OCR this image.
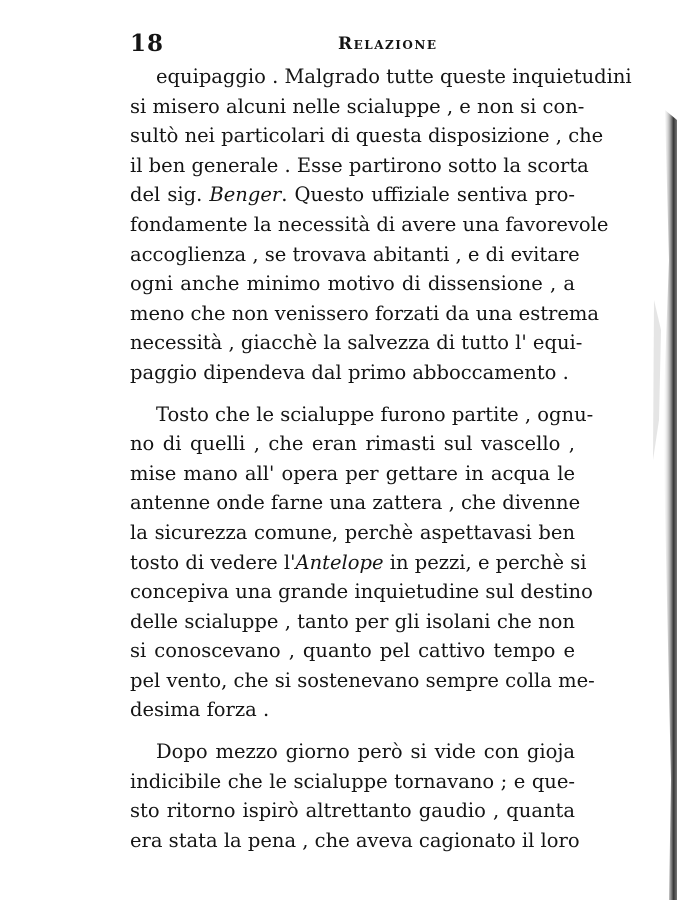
18	Relazione
equipaggio . Malgrado tutte queste inquietudini
si misero alcuni nelle scialuppe , e non si con-
sultò nei particolari di questa disposizione , che
il ben generale . Esse partirono sotto la scorta
del sig. Benger. Questo uffiziale sentiva pro-
fondamente la necessità di avere una favorevole
accoglienza , se trovava abitanti , e di evitare
ogni anche minimo motivo di dissensione , a
meno che non venissero forzati da una estrema
necessità , giacchè la salvezza di tutto l' equi-
paggio dipendeva dal primo abboccamento .
Tosto che le scialuppe furono partite , ognu-
no di quelli , che eran rimasti sul vascello ,
mise mano all' opera per gettare in acqua le
antenne onde farne una zattera , che divenne
la sicurezza comune, perchè aspettavasi ben
tosto di vedere l'Antelope in pezzi, e perchè si
concepiva una grande inquietudine sul destino
delle scialuppe , tanto per gli isolani che non
si conoscevano , quanto pel cattivo tempo e
pel vento, che si sostenevano sempre colla me-
desima forza .
Dopo mezzo giorno però si vide con gioja
indicibile che le scialuppe tornavano ; e que-
sto ritorno ispirò altrettanto gaudio , quanta
era stata la pena , che aveva cagionato il loro
